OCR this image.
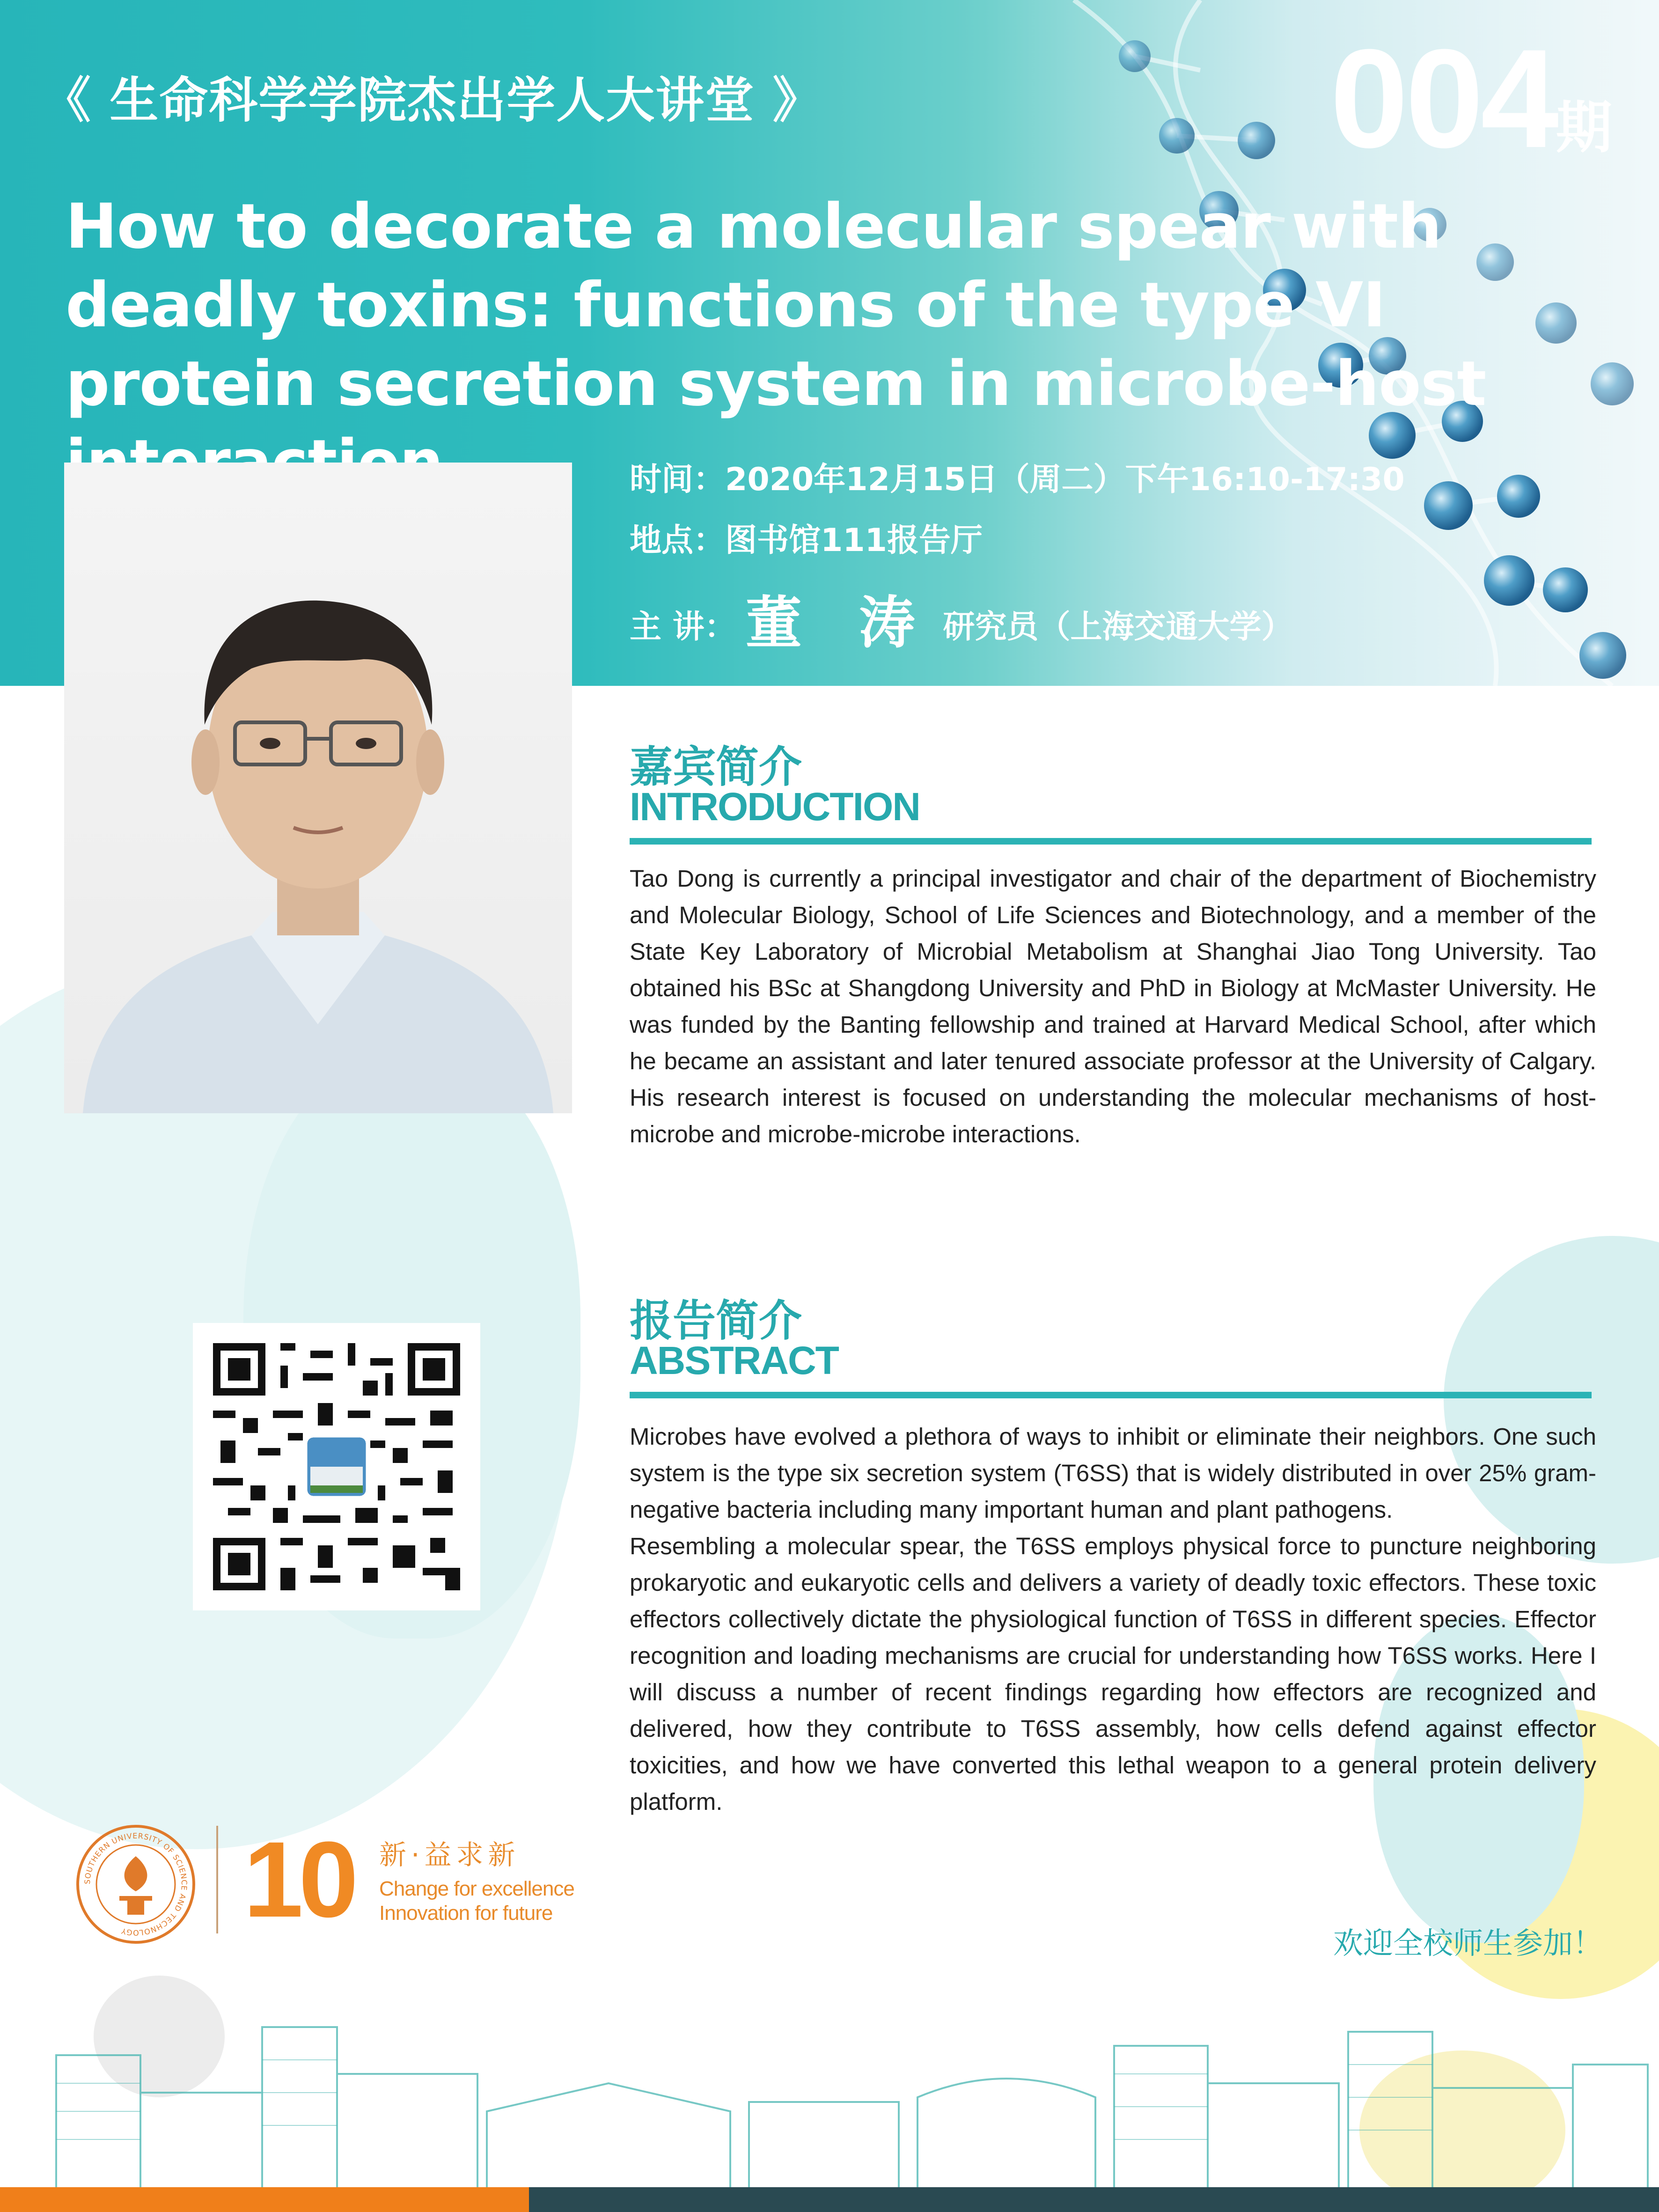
《 生命科学学院杰出学人大讲堂 》	004期
How to decorate a molecular spear with deadly toxins: functions of the type VI protein secretion system in microbe-host
时间：2020年12月15日（周二）下午16:10-17:30
地点：图书馆111报告厅
主 讲： 董 涛 研究员（上海交通大学）
嘉宾简介
INTRODUCTION
Tao Dong is currently a principal investigator and chair of the department of Biochemistry and Molecular Biology, School of Life Sciences and Biotechnology, and a member of the State Key Laboratory of Microbial Metabolism at Shanghai Jiao Tong University. Tao obtained his BSc at Shangdong University and PhD in Biology at McMaster University. He was funded by the Banting fellowship and trained at Harvard Medical School, after which he became an assistant and later tenured associate professor at the University of Calgary. His research interest is focused on understanding the molecular mechanisms of host-microbe and microbe-microbe interactions.
报告简介
ABSTRACT

Microbes have evolved a plethora of ways to inhibit or eliminate their neighbors. One such system is the type six secretion system (T6SS) that is widely distributed in over 25% gram-negative bacteria including many important human and plant pathogens.

Resembling a molecular spear, the T6SS employs physical force to puncture neighboring prokaryotic and eukaryotic cells and delivers a variety of deadly toxic effectors. These toxic effectors collectively dictate the physiological function of T6SS in different species. Effector recognition and loading mechanisms are crucial for understanding how T6SS works. Here I will discuss a number of recent findings regarding how effectors are recognized and delivered, how they contribute to T6SS assembly, how cells defend against effector toxicities, and how we have converted this lethal weapon to a general protein delivery platform.

SOUTHERN UNIVERSITY OF SCIENCE AND TECHNOLOGY	10 新·益求新
Change for excellence
Innovation for future
欢迎全校师生参加！
